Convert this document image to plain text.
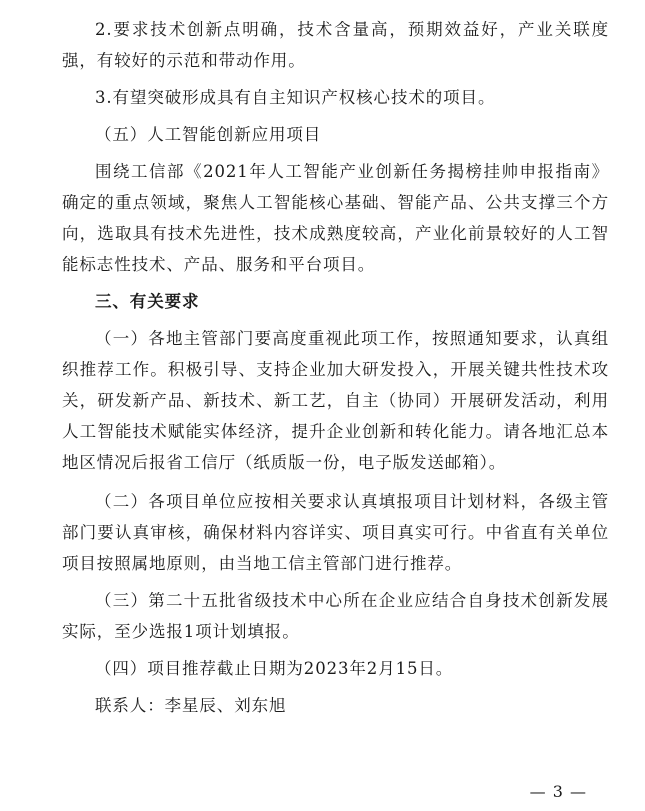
2.要求技术创新点明确，技术含量高，预期效益好，产业关联度强，有较好的示范和带动作用。

3.有望突破形成具有自主知识产权核心技术的项目。

（五）人工智能创新应用项目

围绕工信部《2021年人工智能产业创新任务揭榜挂帅申报指南》确定的重点领域，聚焦人工智能核心基础、智能产品、公共支撑三个方向，选取具有技术先进性，技术成熟度较高，产业化前景较好的人工智能标志性技术、产品、服务和平台项目。

三、有关要求

（一）各地主管部门要高度重视此项工作，按照通知要求，认真组织推荐工作。积极引导、支持企业加大研发投入，开展关键共性技术攻关，研发新产品、新技术、新工艺，自主（协同）开展研发活动，利用人工智能技术赋能实体经济，提升企业创新和转化能力。请各地汇总本地区情况后报省工信厅（纸质版一份，电子版发送邮箱）。

（二）各项目单位应按相关要求认真填报项目计划材料，各级主管部门要认真审核，确保材料内容详实、项目真实可行。中省直有关单位项目按照属地原则，由当地工信主管部门进行推荐。

（三）第二十五批省级技术中心所在企业应结合自身技术创新发展实际，至少选报1项计划填报。

（四）项目推荐截止日期为2023年2月15日。

联系人：李星辰、刘东旭

— 3 —
